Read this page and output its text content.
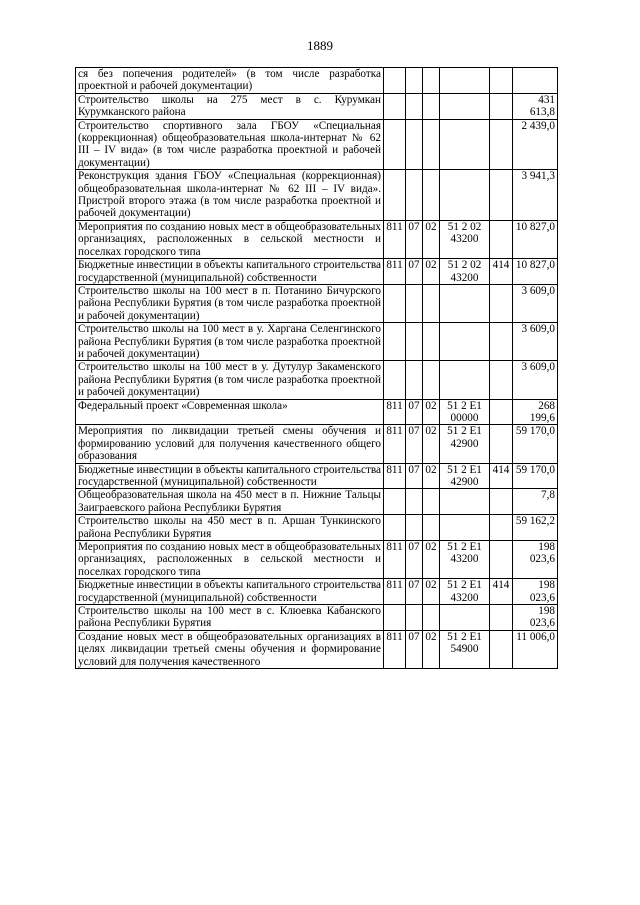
1889
ся без попечения родителей» (в том числе разработка проектной и рабочей документации)						
Строительство школы на 275 мест в с. Курумкан Курумканского района						431 613,8
Строительство спортивного зала ГБОУ «Специальная (коррекционная) общеобразовательная школа-интернат № 62 III – IV вида» (в том числе разработка проектной и рабочей документации)						2 439,0
Реконструкция здания ГБОУ «Специальная (коррекционная) общеобразовательная школа-интернат № 62 III – IV вида». Пристрой второго этажа (в том числе разработка проектной и рабочей документации)						3 941,3
Мероприятия по созданию новых мест в общеобразовательных организациях, расположенных в сельской местности и поселках городского типа	811	07	02	51 2 02 43200		10 827,0
Бюджетные инвестиции в объекты капитального строительства государственной (муниципальной) собственности	811	07	02	51 2 02 43200	414	10 827,0
Строительство школы на 100 мест в п. Потанино Бичурского района Республики Бурятия (в том числе разработка проектной и рабочей документации)						3 609,0
Строительство школы на 100 мест в у. Харгана Селенгинского района Республики Бурятия (в том числе разработка проектной и рабочей документации)						3 609,0
Строительство школы на 100 мест в у. Дутулур Закаменского района Республики Бурятия (в том числе разработка проектной и рабочей документации)						3 609,0
Федеральный проект «Современная школа»	811	07	02	51 2 Е1 00000		268 199,6
Мероприятия по ликвидации третьей смены обучения и формированию условий для получения качественного общего образования	811	07	02	51 2 Е1 42900		59 170,0
Бюджетные инвестиции в объекты капитального строительства государственной (муниципальной) собственности	811	07	02	51 2 Е1 42900	414	59 170,0
Общеобразовательная школа на 450 мест в п. Нижние Тальцы Заиграевского района Республики Бурятия						7,8
Строительство школы на 450 мест в п. Аршан Тункинского района Республики Бурятия						59 162,2
Мероприятия по созданию новых мест в общеобразовательных организациях, расположенных в сельской местности и поселках городского типа	811	07	02	51 2 Е1 43200		198 023,6
Бюджетные инвестиции в объекты капитального строительства государственной (муниципальной) собственности	811	07	02	51 2 Е1 43200	414	198 023,6
Строительство школы на 100 мест в с. Клюевка Кабанского района Республики Бурятия						198 023,6
Создание новых мест в общеобразовательных организациях в целях ликвидации третьей смены обучения и формирование условий для получения качественного	811	07	02	51 2 Е1 54900		11 006,0
